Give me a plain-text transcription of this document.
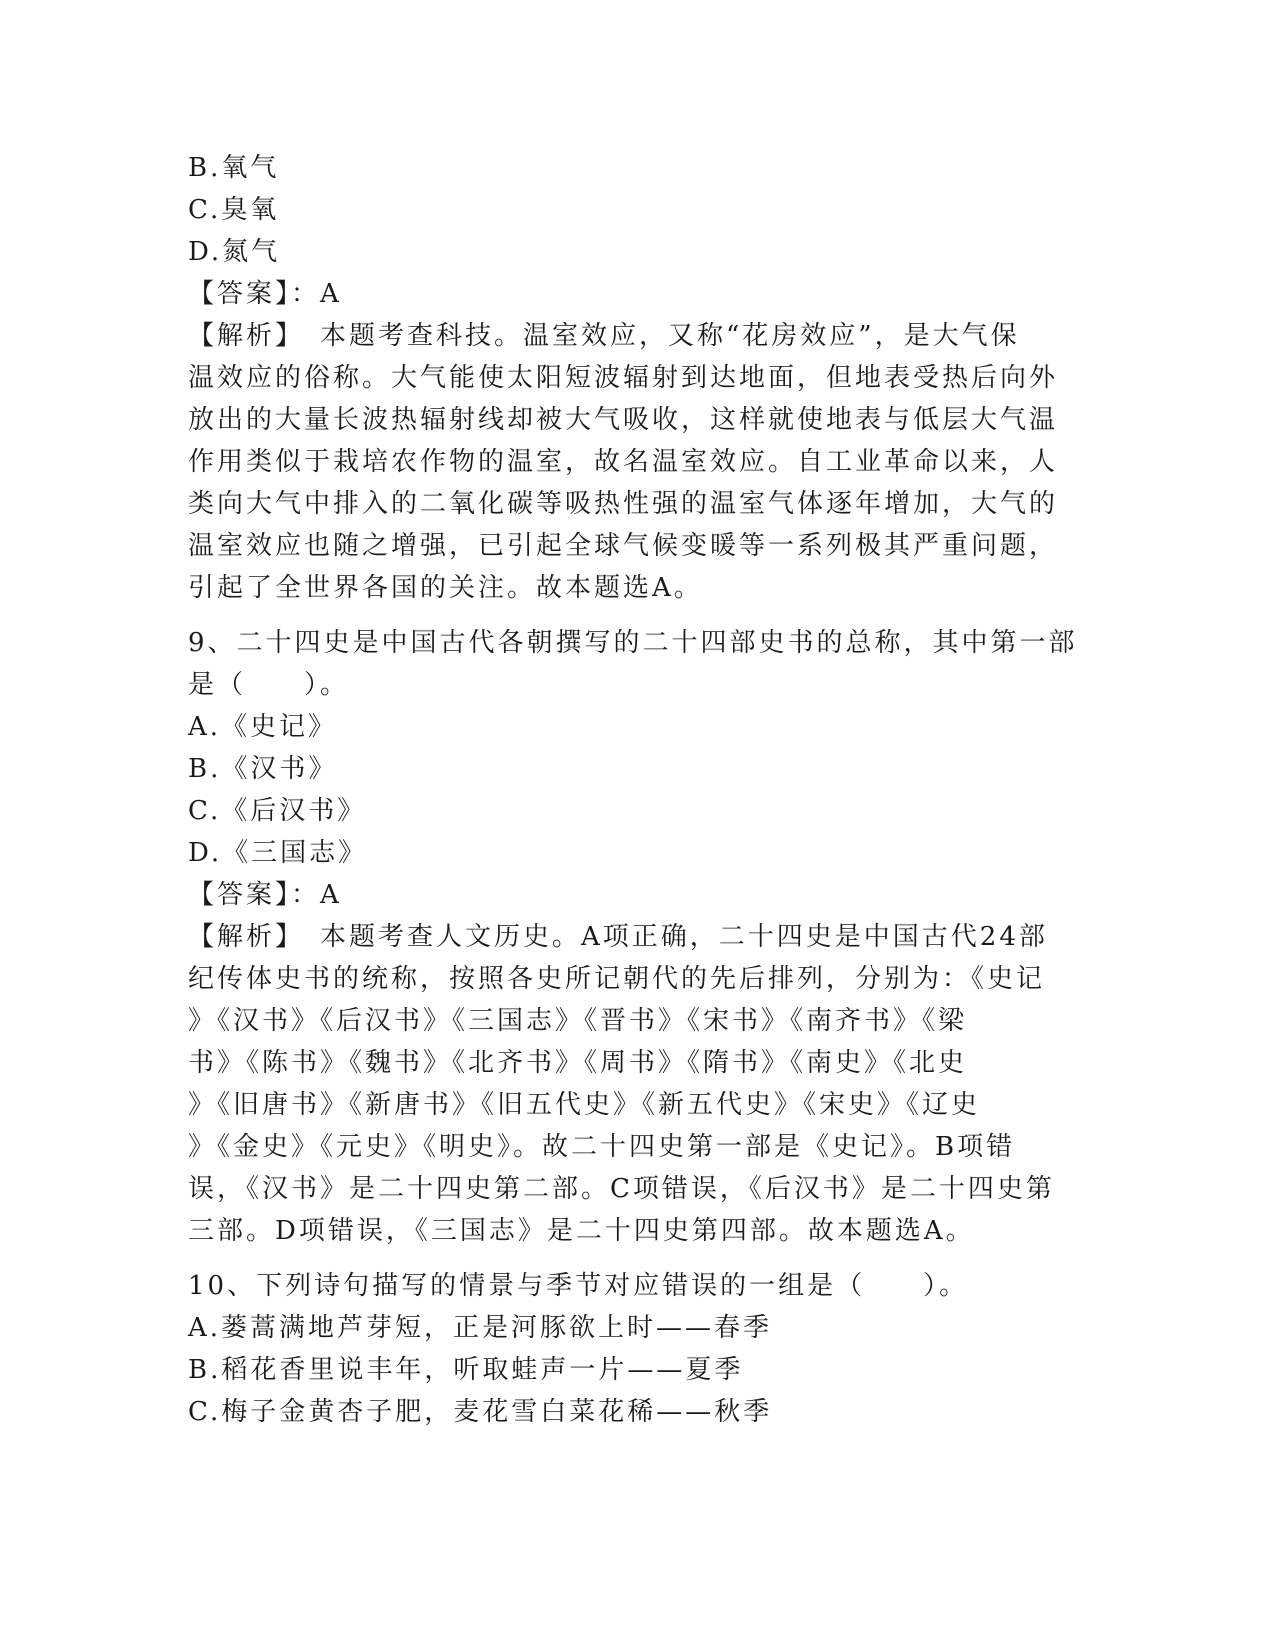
B.氧气
C.臭氧
D.氮气
【答案】：A
【解析】　本题考查科技。温室效应，又称“花房效应”，是大气保
温效应的俗称。大气能使太阳短波辐射到达地面，但地表受热后向外
放出的大量长波热辐射线却被大气吸收，这样就使地表与低层大气温
作用类似于栽培农作物的温室，故名温室效应。自工业革命以来，人
类向大气中排入的二氧化碳等吸热性强的温室气体逐年增加，大气的
温室效应也随之增强，已引起全球气候变暖等一系列极其严重问题，
引起了全世界各国的关注。故本题选A。
9、二十四史是中国古代各朝撰写的二十四部史书的总称，其中第一部
是（　　）。
A.《史记》
B.《汉书》
C.《后汉书》
D.《三国志》
【答案】：A
【解析】　本题考查人文历史。A项正确，二十四史是中国古代24部
纪传体史书的统称，按照各史所记朝代的先后排列，分别为：《史记
》《汉书》《后汉书》《三国志》《晋书》《宋书》《南齐书》《梁
书》《陈书》《魏书》《北齐书》《周书》《隋书》《南史》《北史
》《旧唐书》《新唐书》《旧五代史》《新五代史》《宋史》《辽史
》《金史》《元史》《明史》。故二十四史第一部是《史记》。B项错
误，《汉书》是二十四史第二部。C项错误，《后汉书》是二十四史第
三部。D项错误，《三国志》是二十四史第四部。故本题选A。
10、下列诗句描写的情景与季节对应错误的一组是（　　）。
A.蒌蒿满地芦芽短，正是河豚欲上时——春季
B.稻花香里说丰年，听取蛙声一片——夏季
C.梅子金黄杏子肥，麦花雪白菜花稀——秋季
